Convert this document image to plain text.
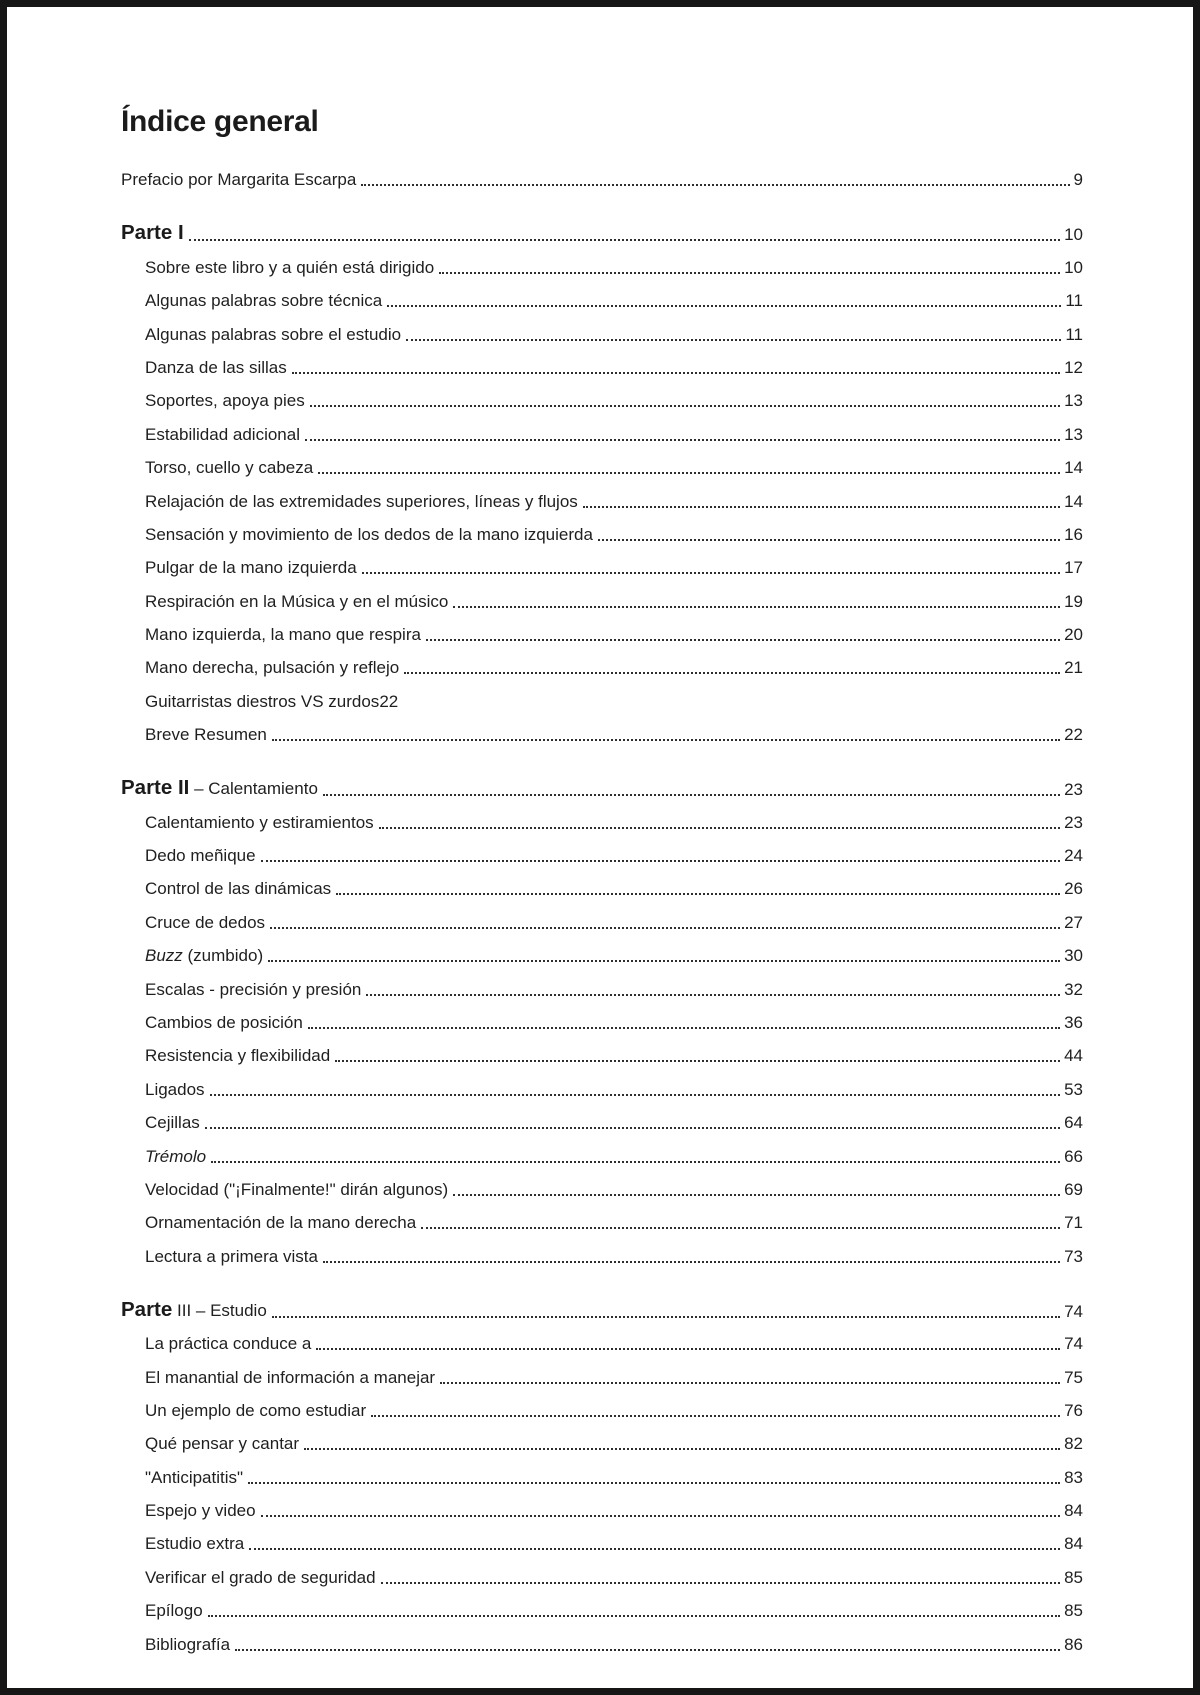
Índice general
Prefacio por Margarita Escarpa	9
Parte I	10
Sobre este libro y a quién está dirigido	10
Algunas palabras sobre técnica	11
Algunas palabras sobre el estudio	11
Danza de las sillas	12
Soportes, apoya pies	13
Estabilidad adicional	13
Torso, cuello y cabeza	14
Relajación de las extremidades superiores, líneas y flujos	14
Sensación y movimiento de los dedos de la mano izquierda	16
Pulgar de la mano izquierda	17
Respiración en la Música y en el músico	19
Mano izquierda, la mano que respira	20
Mano derecha, pulsación y reflejo	21
Guitarristas diestros VS zurdos 22
Breve Resumen	22
Parte II – Calentamiento	23
Calentamiento y estiramientos	23
Dedo meñique	24
Control de las dinámicas	26
Cruce de dedos	27
Buzz (zumbido)	30
Escalas - precisión y presión	32
Cambios de posición	36
Resistencia y flexibilidad	44
Ligados	53
Cejillas	64
Trémolo	66
Velocidad ("¡Finalmente!" dirán algunos)	69
Ornamentación de la mano derecha	71
Lectura a primera vista	73
Parte III – Estudio	74
La práctica conduce a	74
El manantial de información a manejar	75
Un ejemplo de como estudiar	76
Qué pensar y cantar	82
"Anticipatitis"	83
Espejo y video	84
Estudio extra	84
Verificar el grado de seguridad	85
Epílogo	85
Bibliografía	86
